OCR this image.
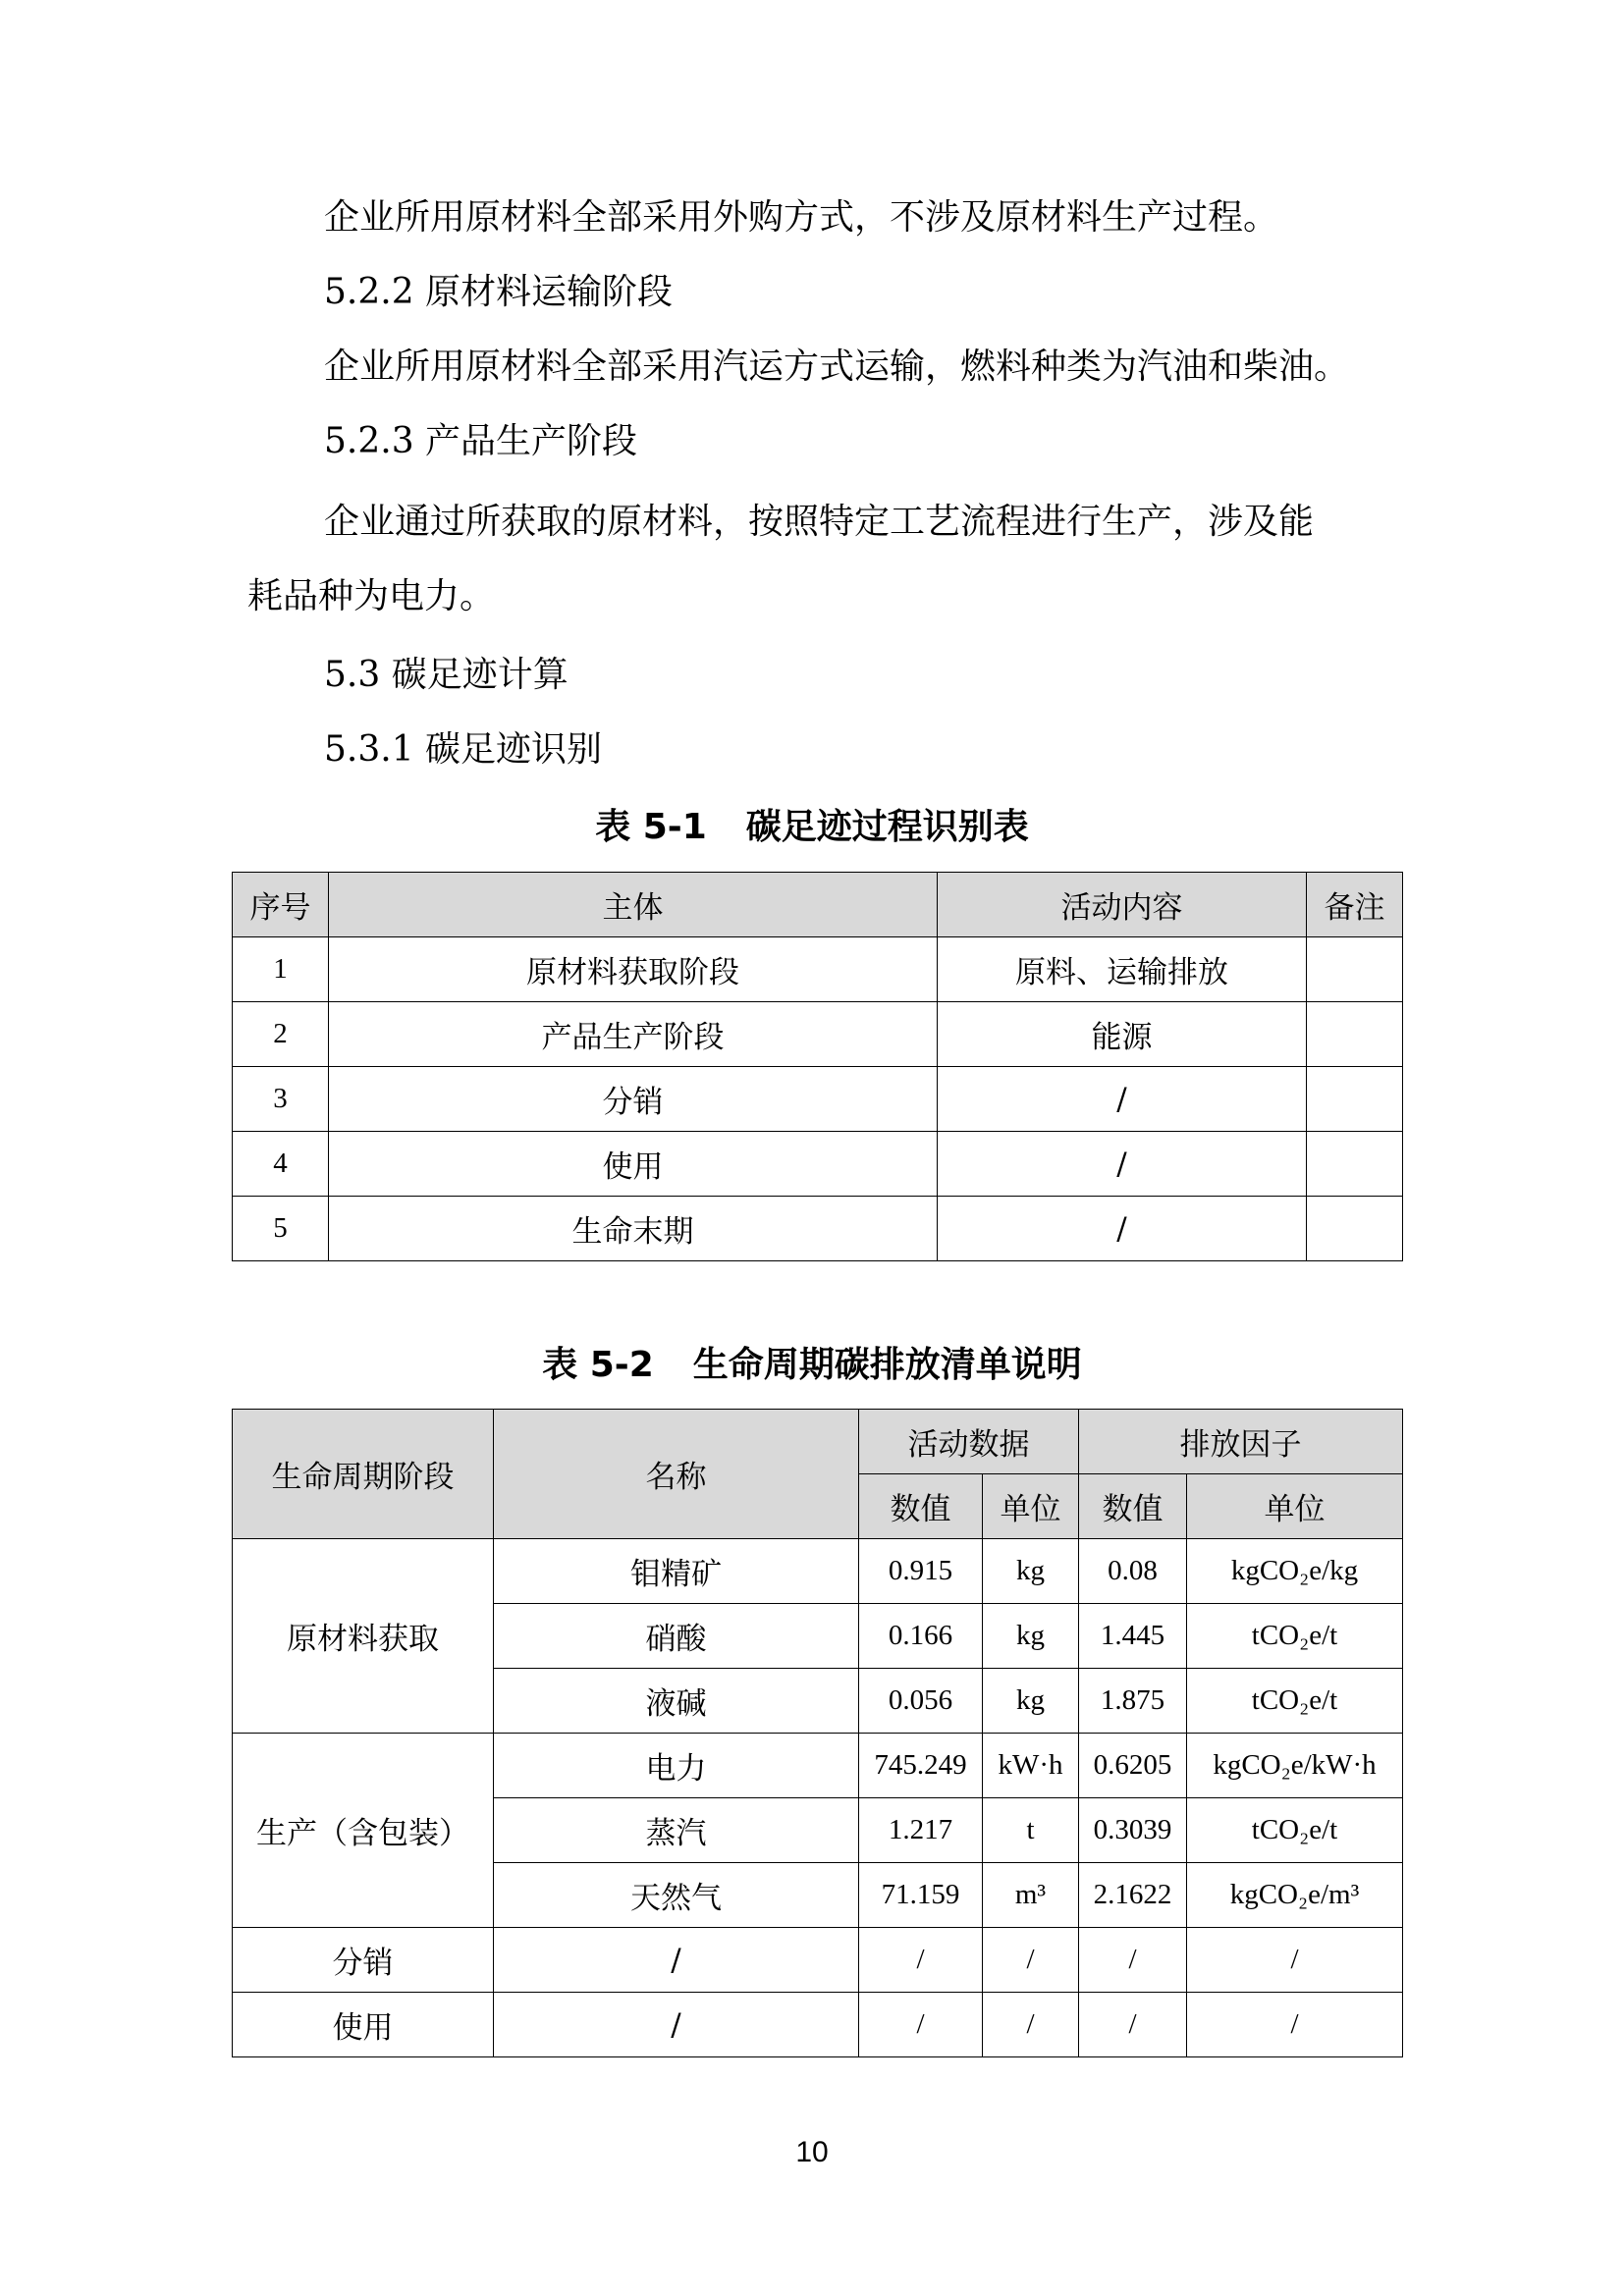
企业所用原材料全部采用外购方式，不涉及原材料生产过程。

5.2.2 原材料运输阶段

企业所用原材料全部采用汽运方式运输，燃料种类为汽油和柴油。

5.2.3 产品生产阶段

企业通过所获取的原材料，按照特定工艺流程进行生产，涉及能

耗品种为电力。

5.3 碳足迹计算

5.3.1 碳足迹识别

表 5-1 碳足迹过程识别表

序号	主体	活动内容	备注
1	原材料获取阶段	原料、运输排放	
2	产品生产阶段	能源	
3	分销	/	
4	使用	/	
5	生命末期	/	

表 5-2 生命周期碳排放清单说明

生命周期阶段	名称	活动数据		排放因子	
		数值	单位	数值	单位
原材料获取	钼精矿	0.915	kg	0.08	kgCO₂e/kg
	硝酸	0.166	kg	1.445	tCO₂e/t
	液碱	0.056	kg	1.875	tCO₂e/t
生产（含包装）	电力	745.249	kW·h	0.6205	kgCO₂e/kW·h
	蒸汽	1.217	t	0.3039	tCO₂e/t
	天然气	71.159	m³	2.1622	kgCO₂e/m³
分销	/	/	/	/	/
使用	/	/	/	/	/
10
